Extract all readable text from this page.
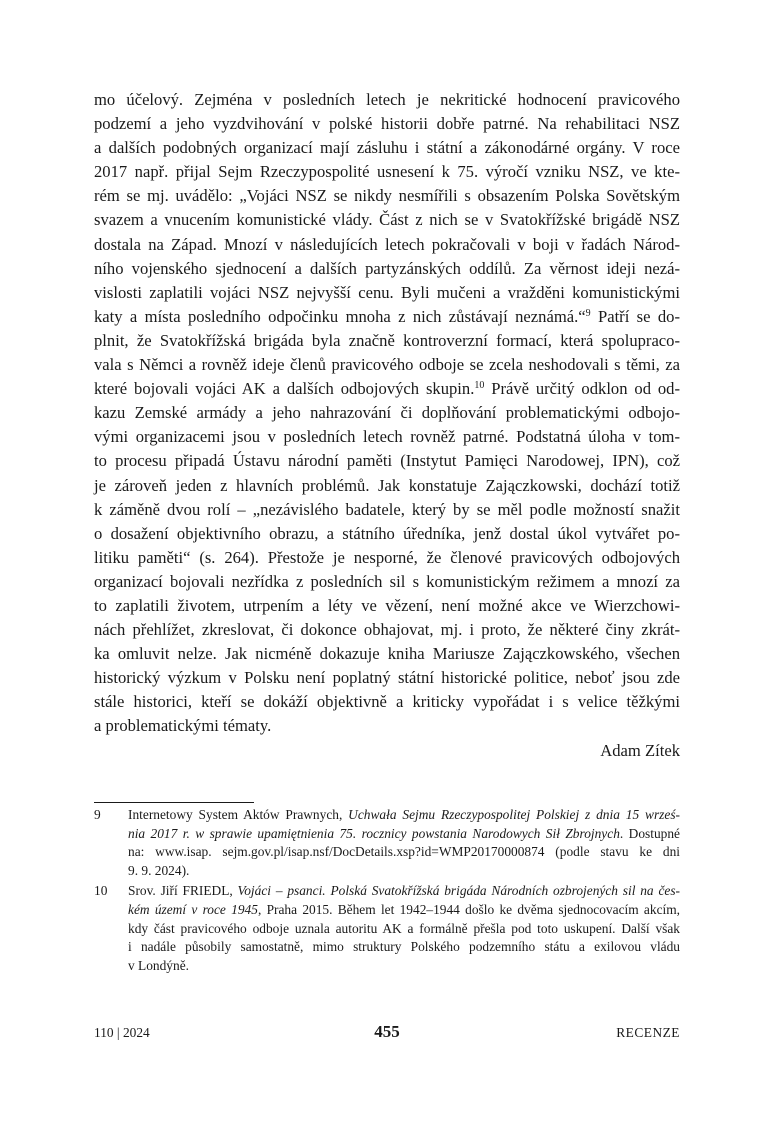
mo účelový. Zejména v posledních letech je nekritické hodnocení pravicového
podzemí a jeho vyzdvihování v polské historii dobře patrné. Na rehabilitaci NSZ
a dalších podobných organizací mají zásluhu i státní a zákonodárné orgány. V roce
2017 např. přijal Sejm Rzeczypospolité usnesení k 75. výročí vzniku NSZ, ve kte-
rém se mj. uvádělo: „Vojáci NSZ se nikdy nesmířili s obsazením Polska Sovětským
svazem a vnucením komunistické vlády. Část z nich se v Svatokřížské brigádě NSZ
dostala na Západ. Mnozí v následujících letech pokračovali v boji v řadách Národ-
ního vojenského sjednocení a dalších partyzánských oddílů. Za věrnost ideji nezá-
vislosti zaplatili vojáci NSZ nejvyšší cenu. Byli mučeni a vražděni komunistickými
katy a místa posledního odpočinku mnoha z nich zůstávají neznámá.“$^9$ Patří se do-
plnit, že Svatokřížská brigáda byla značně kontroverzní formací, která spolupraco-
vala s Němci a rovněž ideje členů pravicového odboje se zcela neshodovali s těmi, za
které bojovali vojáci AK a dalších odbojových skupin.$^{10}$ Právě určitý odklon od od-
kazu Zemské armády a jeho nahrazování či doplňování problematickými odbojo-
vými organizacemi jsou v posledních letech rovněž patrné. Podstatná úloha v tom-
to procesu připadá Ústavu národní paměti (Instytut Pamięci Narodowej, IPN), což
je zároveň jeden z hlavních problémů. Jak konstatuje Zajączkowski, dochází totiž
k záměně dvou rolí – „nezávislého badatele, který by se měl podle možností snažit
o dosažení objektivního obrazu, a státního úředníka, jenž dostal úkol vytvářet po-
litiku paměti“ (s. 264). Přestože je nesporné, že členové pravicových odbojových
organizací bojovali nezřídka z posledních sil s komunistickým režimem a mnozí za
to zaplatili životem, utrpením a léty ve vězení, není možné akce ve Wierzchowi-
nách přehlížet, zkreslovat, či dokonce obhajovat, mj. i proto, že některé činy zkrát-
ka omluvit nelze. Jak nicméně dokazuje kniha Mariusze Zajączkowského, všechen
historický výzkum v Polsku není poplatný státní historické politice, neboť jsou zde
stále historici, kteří se dokáží objektivně a kriticky vypořádat i s velice těžkými
a problematickými tématy.
Adam Zítek
9 Internetowy System Aktów Prawnych, Uchwała Sejmu Rzeczypospolitej Polskiej z dnia 15 wrześ-
nia 2017 r. w sprawie upamiętnienia 75. rocznicy powstania Narodowych Sił Zbrojnych. Dostupné
na: www.isap. sejm.gov.pl/isap.nsf/DocDetails.xsp?id=WMP20170000874 (podle stavu ke dni
9. 9. 2024).
10 Srov. Jiří FRIEDL, Vojáci – psanci. Polská Svatokřížská brigáda Národních ozbrojených sil na čes-
kém území v roce 1945, Praha 2015. Během let 1942–1944 došlo ke dvěma sjednocovacím akcím,
kdy část pravicového odboje uznala autoritu AK a formálně přešla pod toto uskupení. Další však
i nadále působily samostatně, mimo struktury Polského podzemního státu a exilovou vládu
v Londýně.
110 | 2024	455	RECENZE
